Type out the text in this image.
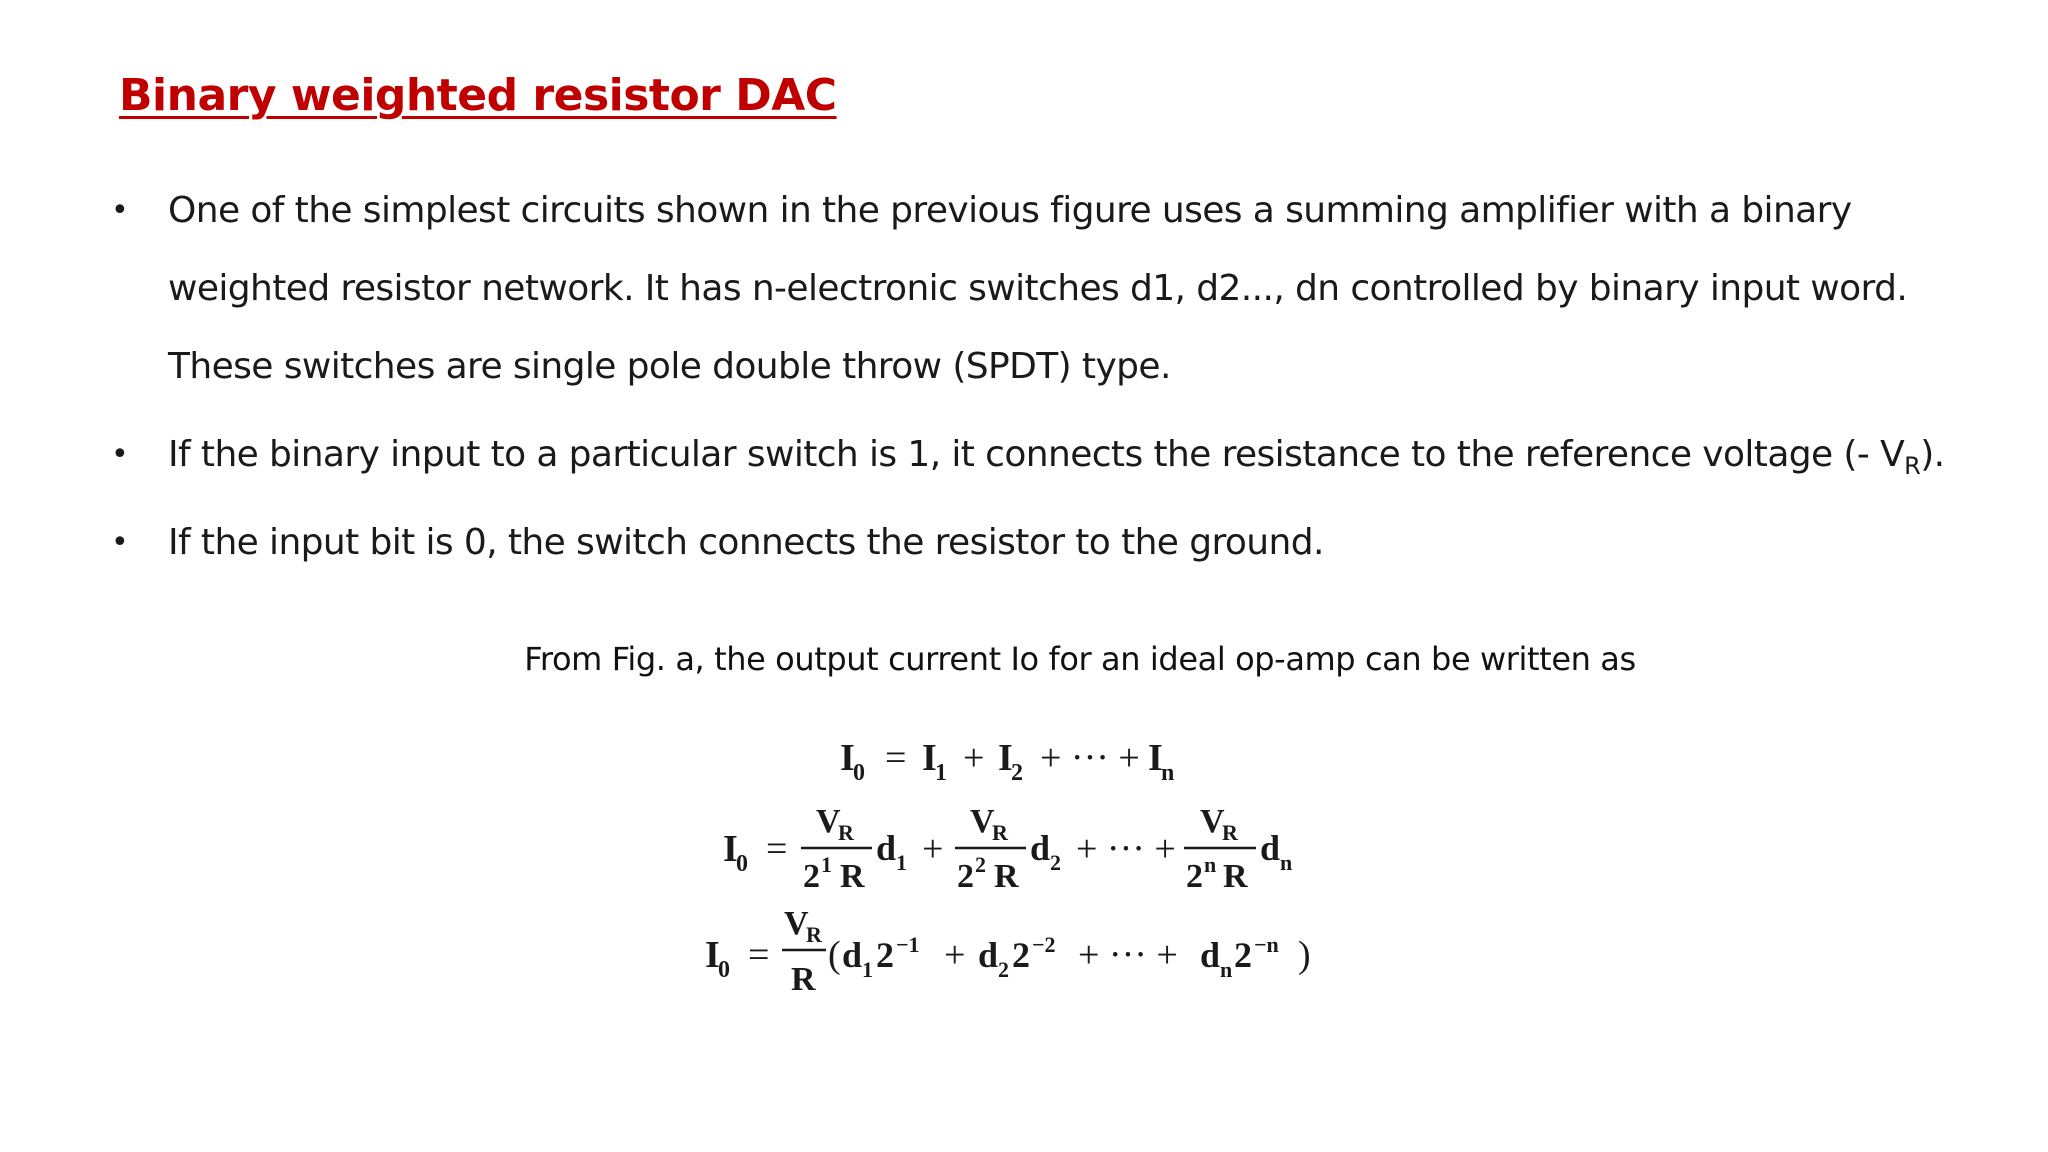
Binary weighted resistor DAC
• One of the simplest circuits shown in the previous figure uses a summing amplifier with a binary
weighted resistor network. It has n-electronic switches d1, d2..., dn controlled by binary input word.
These switches are single pole double throw (SPDT) type.
• If the binary input to a particular switch is 1, it connects the resistance to the reference voltage (- $V_R$).
• If the input bit is 0, the switch connects the resistor to the ground.

From Fig. a, the output current Io for an ideal op-amp can be written as

I
0 = I
1 + I
2 + ··· + I
n
I
0 =
V
R
2 1 R
d 1 +
V
R
2 2 R
d 2 + ··· +
V
R
2 n R
d n
I
0 =
V
R
R
( d 1 2 −1 + d 2 2 −2 + ··· + d n 2 −n )
